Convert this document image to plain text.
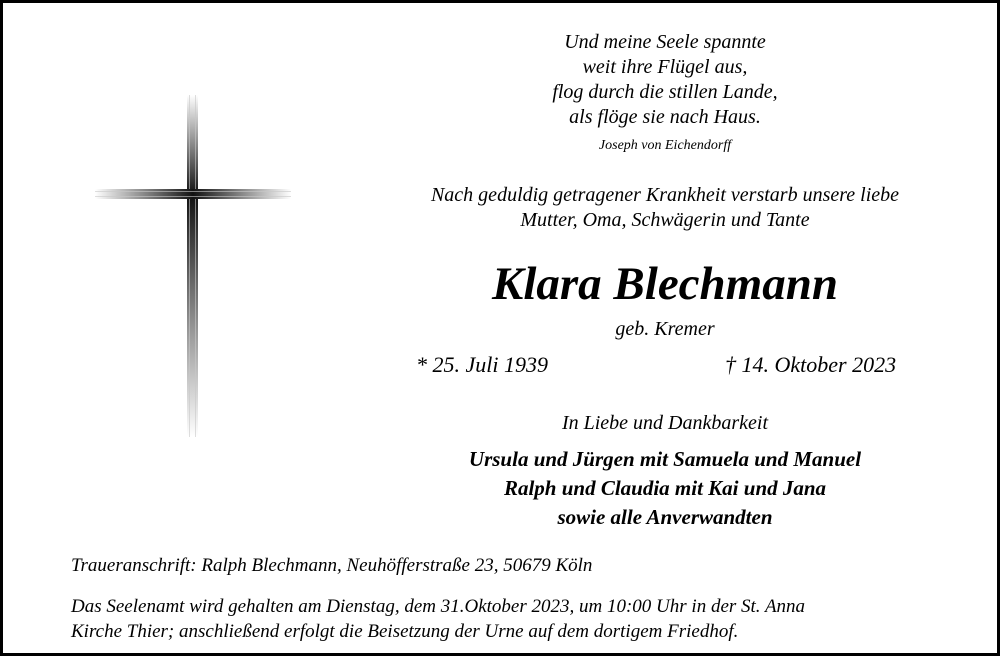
Und meine Seele spannte
weit ihre Flügel aus,
flog durch die stillen Lande,
als flöge sie nach Haus.
Joseph von Eichendorff
Nach geduldig getragener Krankheit verstarb unsere liebe
Mutter, Oma, Schwägerin und Tante
Klara Blechmann
geb. Kremer
* 25. Juli 1939	† 14. Oktober 2023
In Liebe und Dankbarkeit
Ursula und Jürgen mit Samuela und Manuel
Ralph und Claudia mit Kai und Jana
sowie alle Anverwandten
Traueranschrift: Ralph Blechmann, Neuhöfferstraße 23, 50679 Köln
Das Seelenamt wird gehalten am Dienstag, dem 31.Oktober 2023, um 10:00 Uhr in der St. Anna
Kirche Thier; anschließend erfolgt die Beisetzung der Urne auf dem dortigem Friedhof.
